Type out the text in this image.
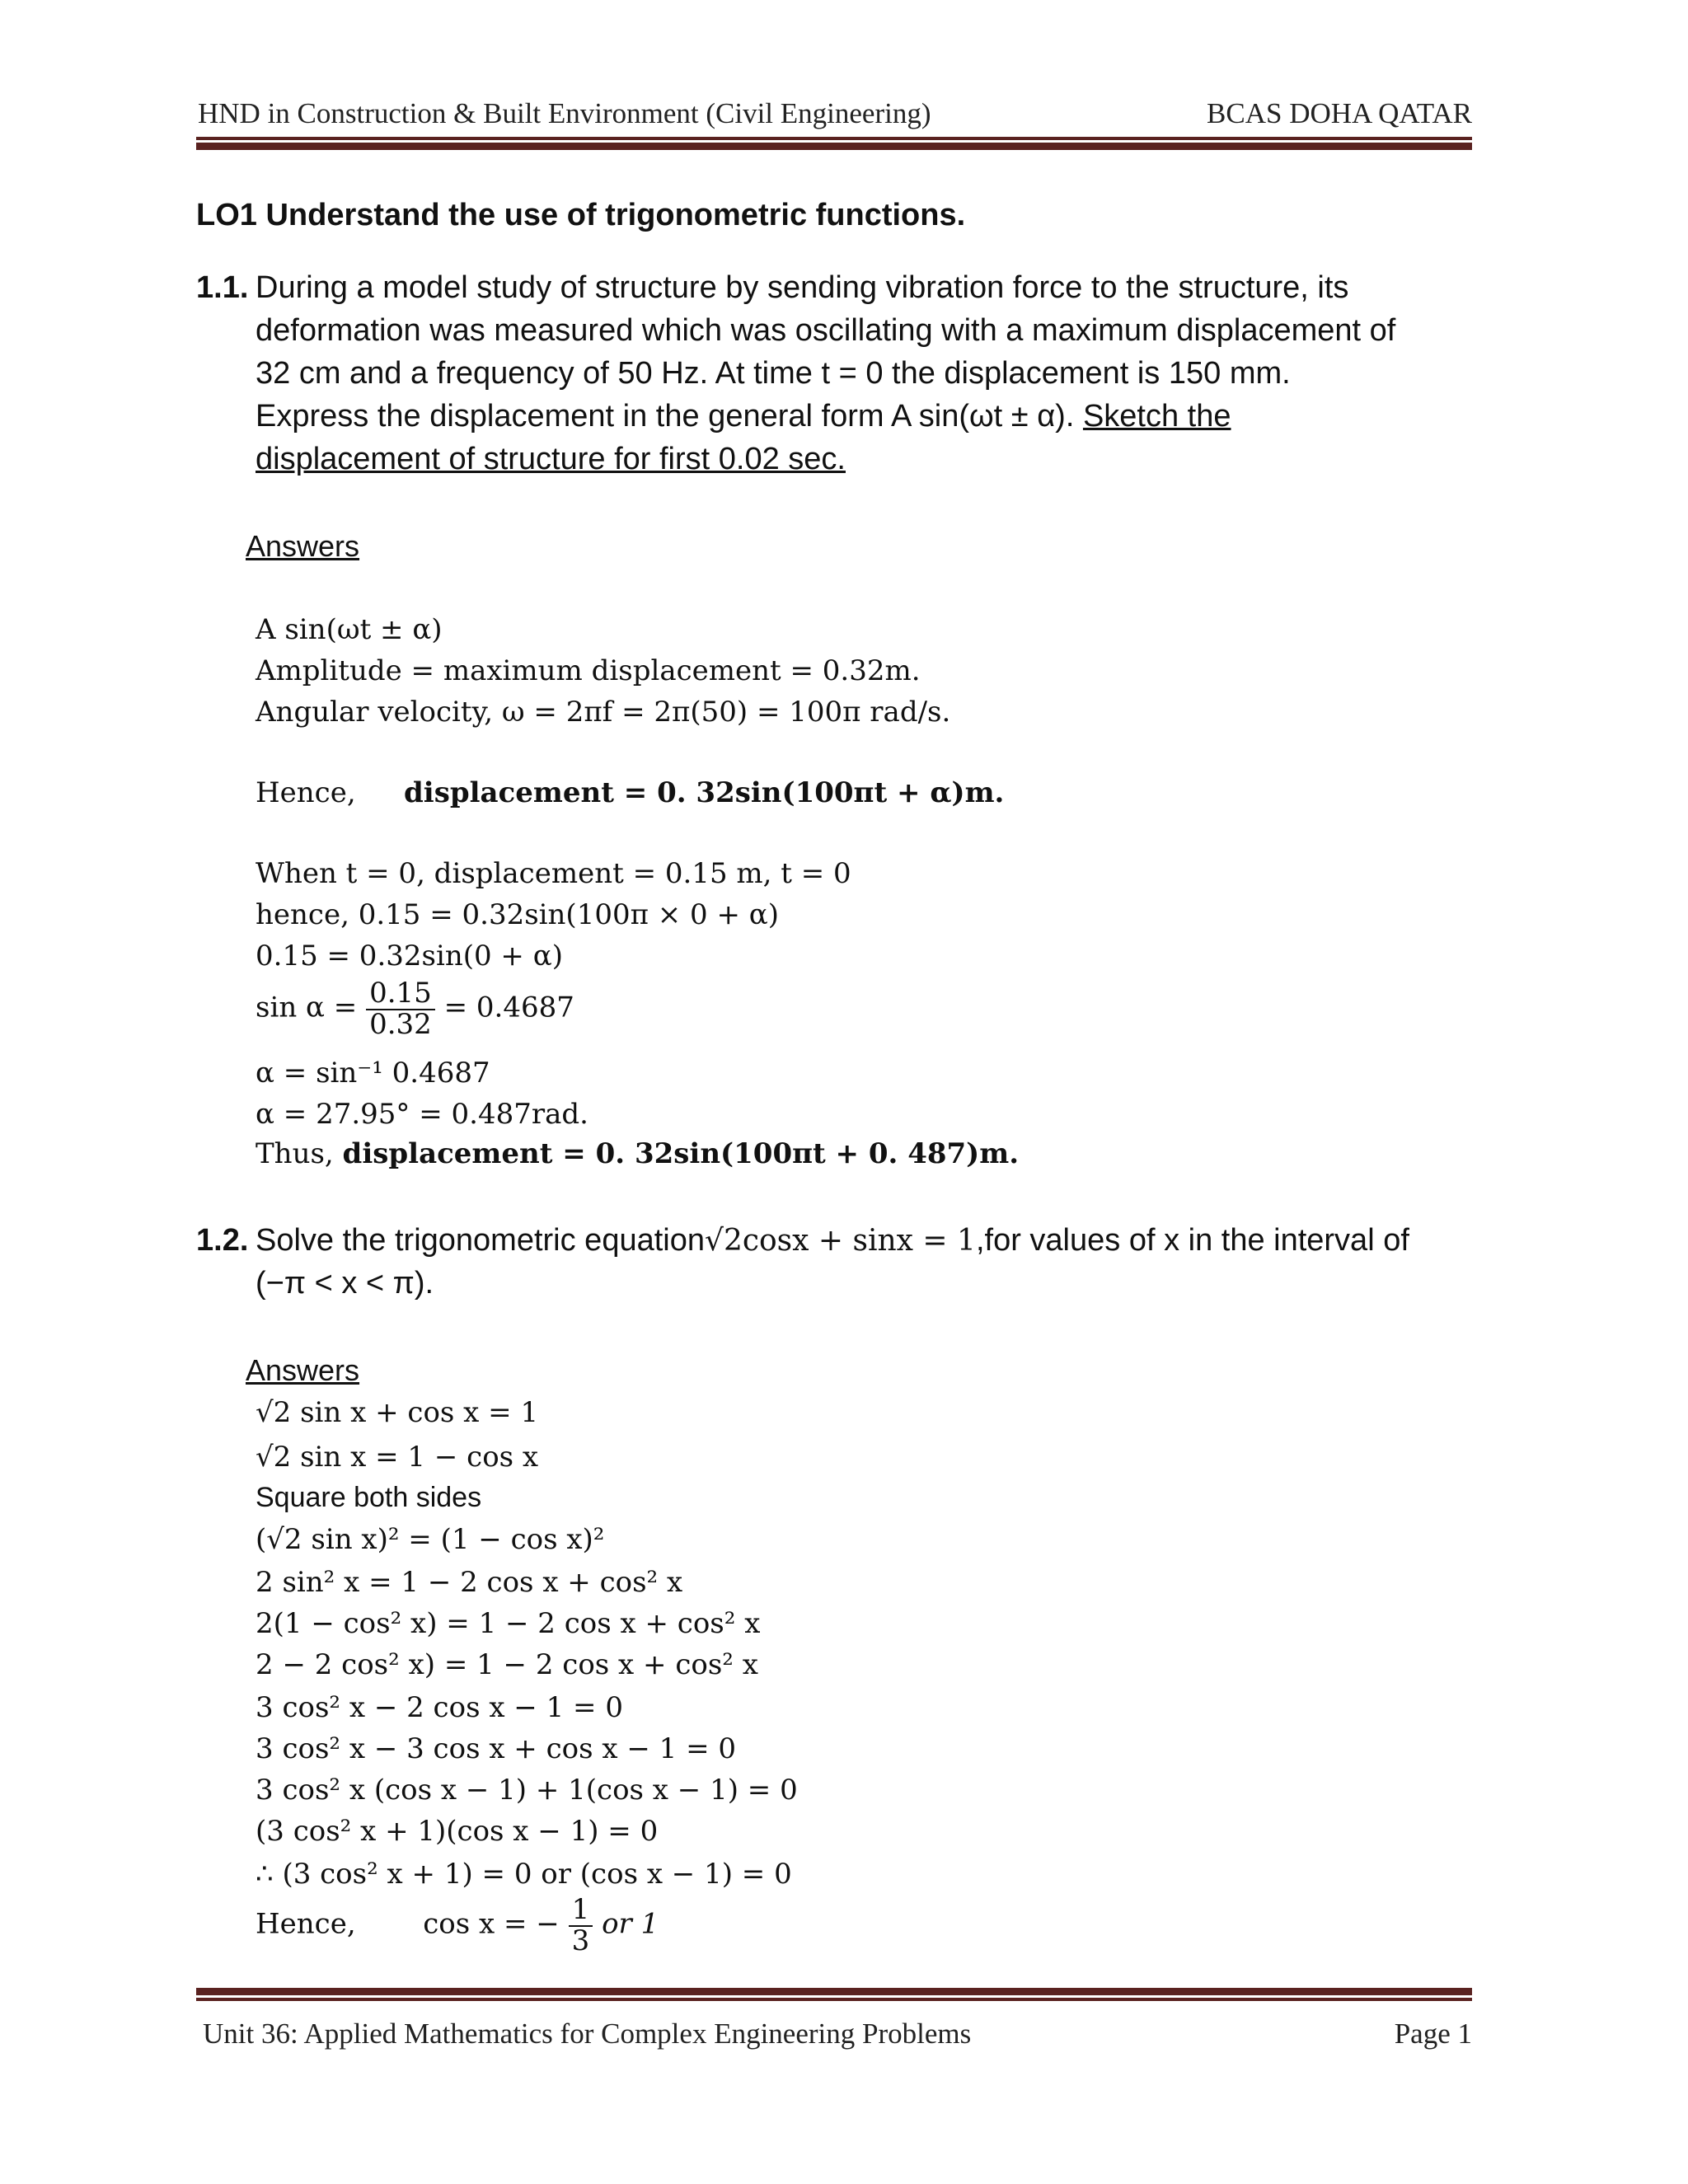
HND in Construction & Built Environment (Civil Engineering)	BCAS DOHA QATAR
LO1 Understand the use of trigonometric functions.
1.1. During a model study of structure by sending vibration force to the structure, its
deformation was measured which was oscillating with a maximum displacement of
32 cm and a frequency of 50 Hz. At time t = 0 the displacement is 150 mm.
Express the displacement in the general form A sin(ωt ± α). Sketch the
displacement of structure for first 0.02 sec.
Answers
A sin(ωt ± α)
Amplitude = maximum displacement = 0.32m.
Angular velocity, ω = 2πf = 2π(50) = 100π rad/s.
Hence, displacement = 0. 32sin(100πt + α)m.
When t = 0, displacement = 0.15 m, t = 0
hence, 0.15 = 0.32sin(100π × 0 + α)
0.15 = 0.32sin(0 + α)
$\sin \alpha = \frac{0.15}{0.32} = 0.4687$
α = sin⁻¹ 0.4687
α = 27.95° = 0.487rad.
Thus, displacement = 0. 32sin(100πt + 0. 487)m.
1.2. Solve the trigonometric equation√2cosx + sinx = 1,for values of x in the interval of
(−π < x < π).
Answers
√2 sin x + cos x = 1
√2 sin x = 1 − cos x
Square both sides
(√2 sin x)² = (1 − cos x)²
2 sin² x = 1 − 2 cos x + cos² x
2(1 − cos² x) = 1 − 2 cos x + cos² x
2 − 2 cos² x) = 1 − 2 cos x + cos² x
3 cos² x − 2 cos x − 1 = 0
3 cos² x − 3 cos x + cos x − 1 = 0
3 cos² x (cos x − 1) + 1(cos x − 1) = 0
(3 cos² x + 1)(cos x − 1) = 0
∴ (3 cos² x + 1) = 0 or (cos x − 1) = 0
Hence, cos x = − $\frac{1}{3}$ or 1
Unit 36: Applied Mathematics for Complex Engineering Problems	Page 1
